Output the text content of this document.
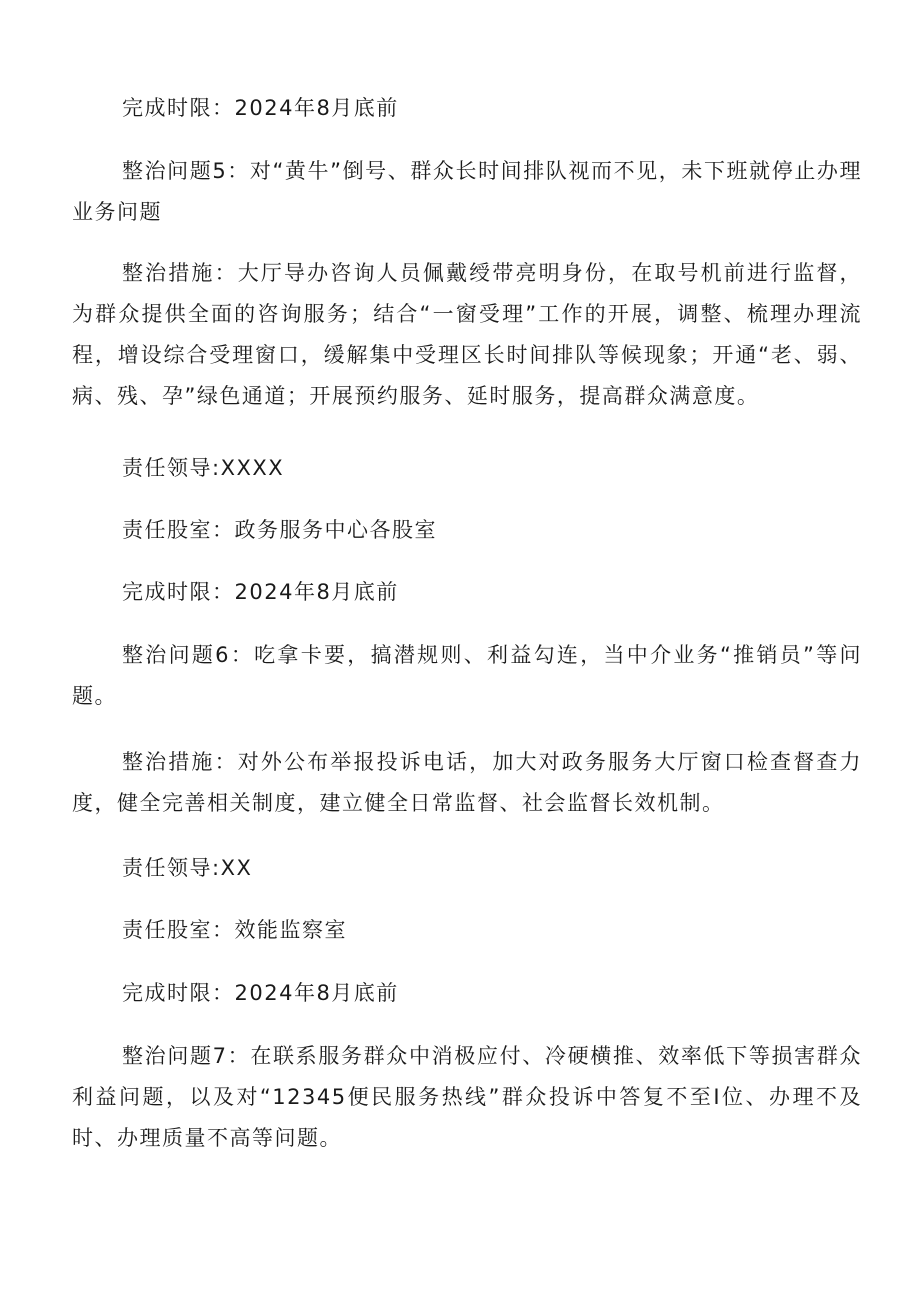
完成时限：2024年8月底前

整治问题5：对“黄牛”倒号、群众长时间排队视而不见，未下班就停止办理业务问题

整治措施：大厅导办咨询人员佩戴绶带亮明身份，在取号机前进行监督，为群众提供全面的咨询服务；结合“一窗受理”工作的开展，调整、梳理办理流程，增设综合受理窗口，缓解集中受理区长时间排队等候现象；开通“老、弱、病、残、孕”绿色通道；开展预约服务、延时服务，提高群众满意度。

责任领导:XXXX

责任股室：政务服务中心各股室

完成时限：2024年8月底前

整治问题6：吃拿卡要，搞潜规则、利益勾连，当中介业务“推销员”等问题。

整治措施：对外公布举报投诉电话，加大对政务服务大厅窗口检查督查力度，健全完善相关制度，建立健全日常监督、社会监督长效机制。

责任领导:XX

责任股室：效能监察室

完成时限：2024年8月底前

整治问题7：在联系服务群众中消极应付、冷硬横推、效率低下等损害群众利益问题，以及对“12345便民服务热线”群众投诉中答复不至I位、办理不及时、办理质量不高等问题。
